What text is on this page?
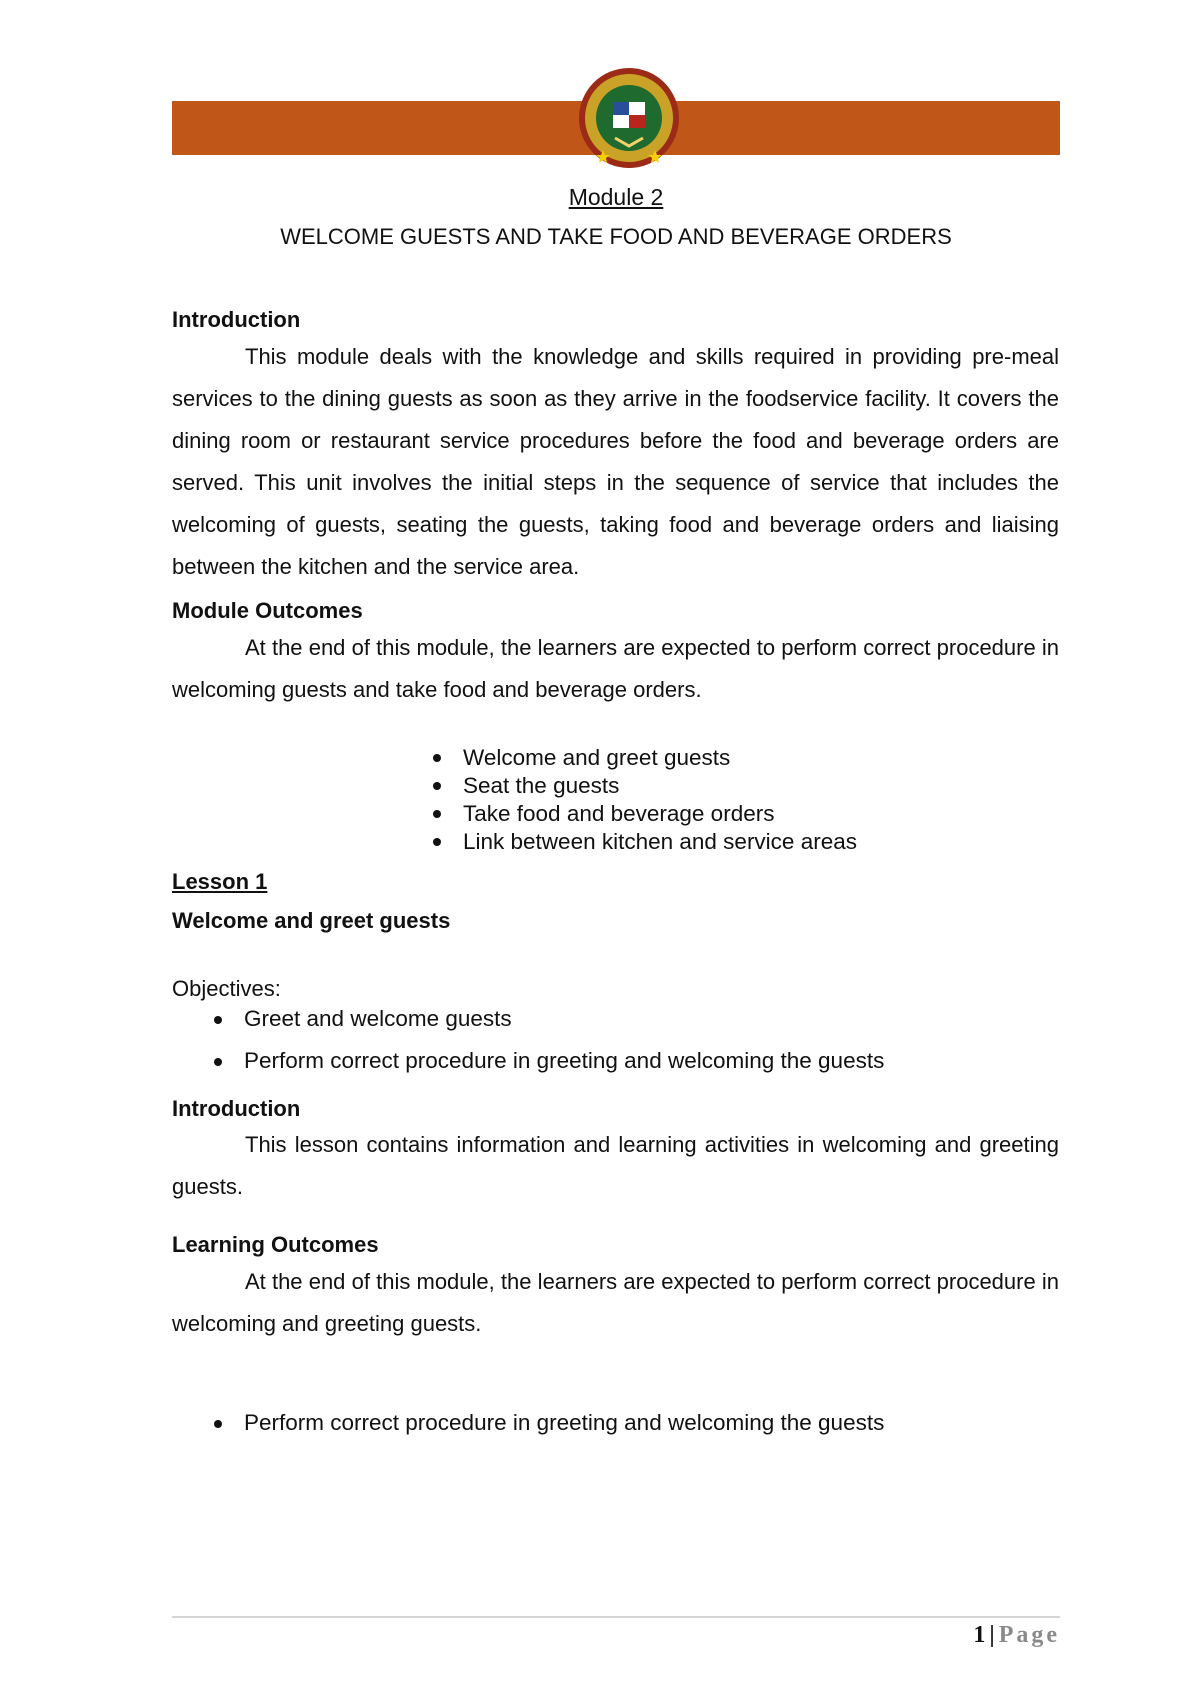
Module 2

WELCOME GUESTS AND TAKE FOOD AND BEVERAGE ORDERS

Introduction

This module deals with the knowledge and skills required in providing pre-meal services to the dining guests as soon as they arrive in the foodservice facility. It covers the dining room or restaurant service procedures before the food and beverage orders are served. This unit involves the initial steps in the sequence of service that includes the welcoming of guests, seating the guests, taking food and beverage orders and liaising between the kitchen and the service area.

Module Outcomes

At the end of this module, the learners are expected to perform correct procedure in welcoming guests and take food and beverage orders.

Welcome and greet guests
Seat the guests
Take food and beverage orders
Link between kitchen and service areas

Lesson 1

Welcome and greet guests

Objectives:

Greet and welcome guests
Perform correct procedure in greeting and welcoming the guests

Introduction

This lesson contains information and learning activities in welcoming and greeting guests.

Learning Outcomes

At the end of this module, the learners are expected to perform correct procedure in welcoming and greeting guests.

Perform correct procedure in greeting and welcoming the guests
1 | Page
